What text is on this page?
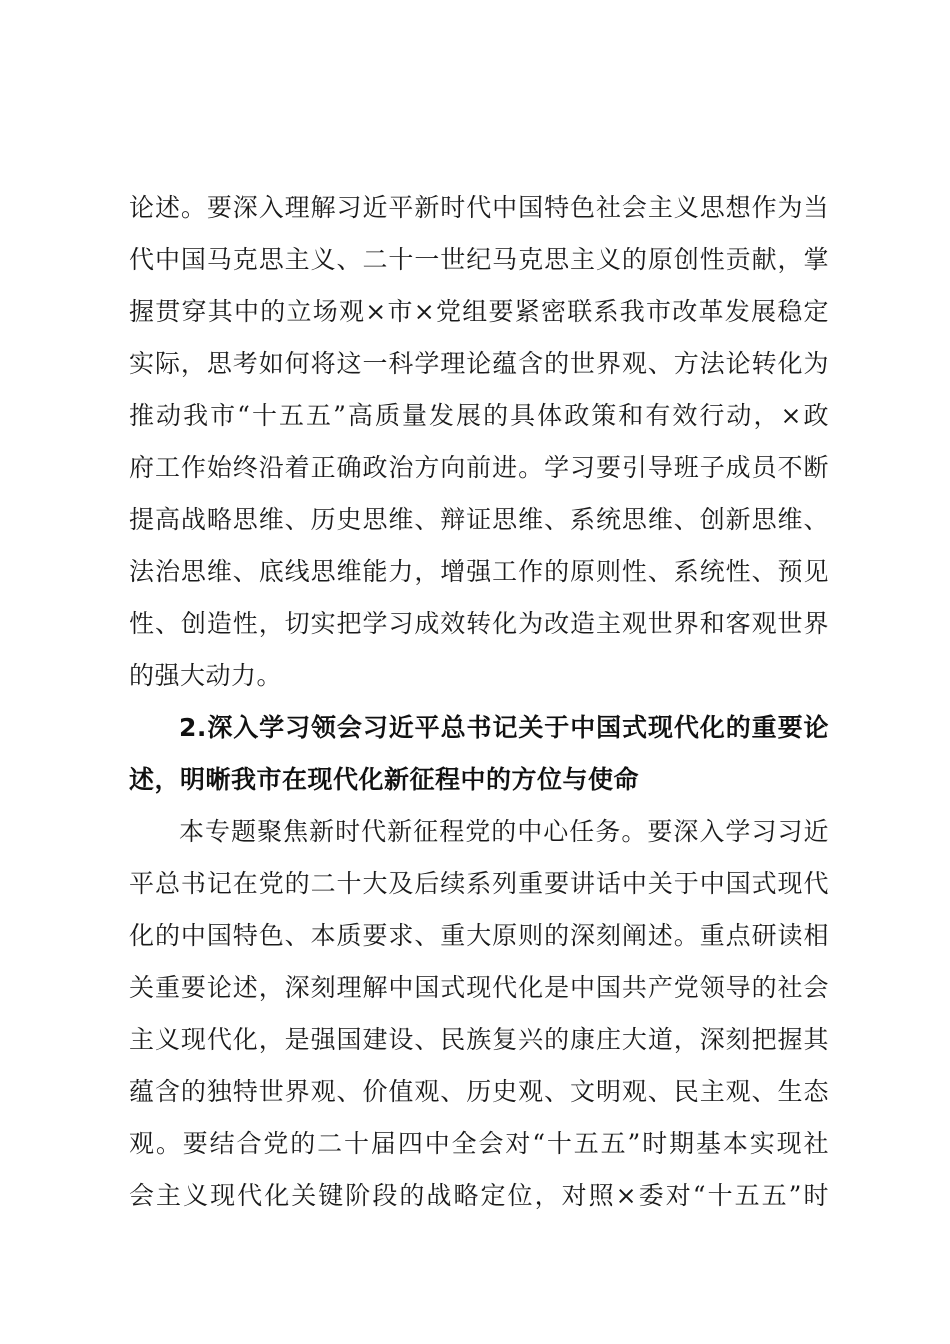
论述。要深入理解习近平新时代中国特色社会主义思想作为当
代中国马克思主义、二十一世纪马克思主义的原创性贡献，掌
握贯穿其中的立场观×市×党组要紧密联系我市改革发展稳定
实际，思考如何将这一科学理论蕴含的世界观、方法论转化为
推动我市“十五五”高质量发展的具体政策和有效行动，×政
府工作始终沿着正确政治方向前进。学习要引导班子成员不断
提高战略思维、历史思维、辩证思维、系统思维、创新思维、
法治思维、底线思维能力，增强工作的原则性、系统性、预见
性、创造性，切实把学习成效转化为改造主观世界和客观世界
的强大动力。
2.深入学习领会习近平总书记关于中国式现代化的重要论
述，明晰我市在现代化新征程中的方位与使命
本专题聚焦新时代新征程党的中心任务。要深入学习习近
平总书记在党的二十大及后续系列重要讲话中关于中国式现代
化的中国特色、本质要求、重大原则的深刻阐述。重点研读相
关重要论述，深刻理解中国式现代化是中国共产党领导的社会
主义现代化，是强国建设、民族复兴的康庄大道，深刻把握其
蕴含的独特世界观、价值观、历史观、文明观、民主观、生态
观。要结合党的二十届四中全会对“十五五”时期基本实现社
会主义现代化关键阶段的战略定位，对照×委对“十五五”时
